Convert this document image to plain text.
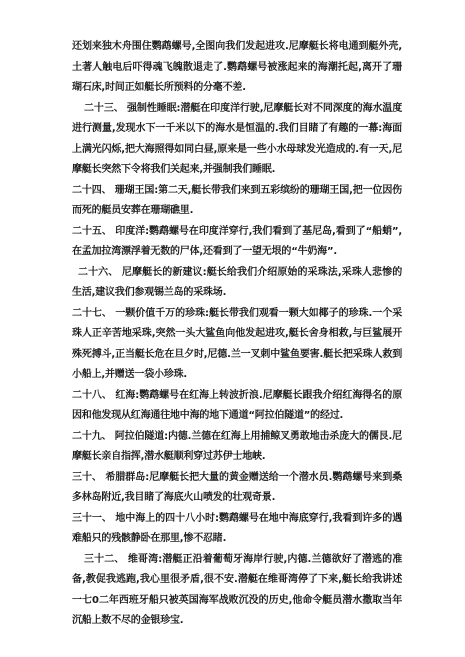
还划来独木舟围住鹦鹉螺号,全图向我们发起进攻.尼摩艇长将电通到艇外壳,土著人触电后吓得魂飞魄散退走了.鹦鹉螺号被涨起来的海潮托起,离开了珊瑚石床,时间正如艇长所预料的分毫不差.

二十三、 强制性睡眠:潜艇在印度洋行驶,尼摩艇长对不同深度的海水温度进行测量,发现水下一千米以下的海水是恒温的.我们目睹了有趣的一幕:海面上满光闪烁,把大海照得如同白昼,原来是一些小水母球发光造成的.有一天,尼摩艇长突然下令将我们关起来,并强制我们睡眠.

二十四、 珊瑚王国:第二天,艇长带我们来到五彩缤纷的珊瑚王国,把一位因伤而死的艇员安葬在珊瑚礁里.

二十五、 印度洋:鹦鹉螺号在印度洋穿行,我们看到了基尼岛,看到了“船蛸”,在孟加拉湾漂浮着无数的尸体,还看到了一望无垠的“牛奶海”.

二十六、 尼摩艇长的新建议:艇长给我们介绍原始的采珠法,采珠人悲惨的生活,建议我们参观锡兰岛的采珠场.

二十七、 一颗价值千万的珍珠:艇长带我们观看一颗大如椰子的珍珠.一个采珠人正辛苦地采珠,突然一头大鲨鱼向他发起进攻,艇长舍身相救,与巨鲨展开殊死搏斗,正当艇长危在旦夕时,尼德.兰一叉刺中鲨鱼要害.艇长把采珠人救到小船上,并赠送一袋小珍珠.

二十八、 红海:鹦鹉螺号在红海上转波折浪.尼摩艇长跟我介绍红海得名的原因和他发现从红海通往地中海的地下通道“阿拉伯隧道”的经过.

二十九、 阿拉伯隧道:内德.兰德在红海上用捕鲸叉勇敢地击杀庞大的儒艮.尼摩艇长亲自指挥,潜水艇顺利穿过苏伊士地峡.

三十、 希腊群岛:尼摩艇长把大量的黄金赠送给一个潜水员.鹦鹉螺号来到桑多林岛附近,我目睹了海底火山喷发的壮观奇景.

三十一、 地中海上的四十八小时:鹦鹉螺号在地中海底穿行,我看到许多的遇难船只的残骸静卧在那里,惨不忍睹.

三十二、 维哥湾:潜艇正沿着葡萄牙海岸行驶,内德.兰德欲好了潜逃的准备,教促我逃跑,我心里很矛盾,很不安.潜艇在维哥湾停了下来,艇长给我讲述一七0二年西班牙船只被英国海军战败沉没的历史,他命令艇员潜水撒取当年沉船上数不尽的金银珍宝.
